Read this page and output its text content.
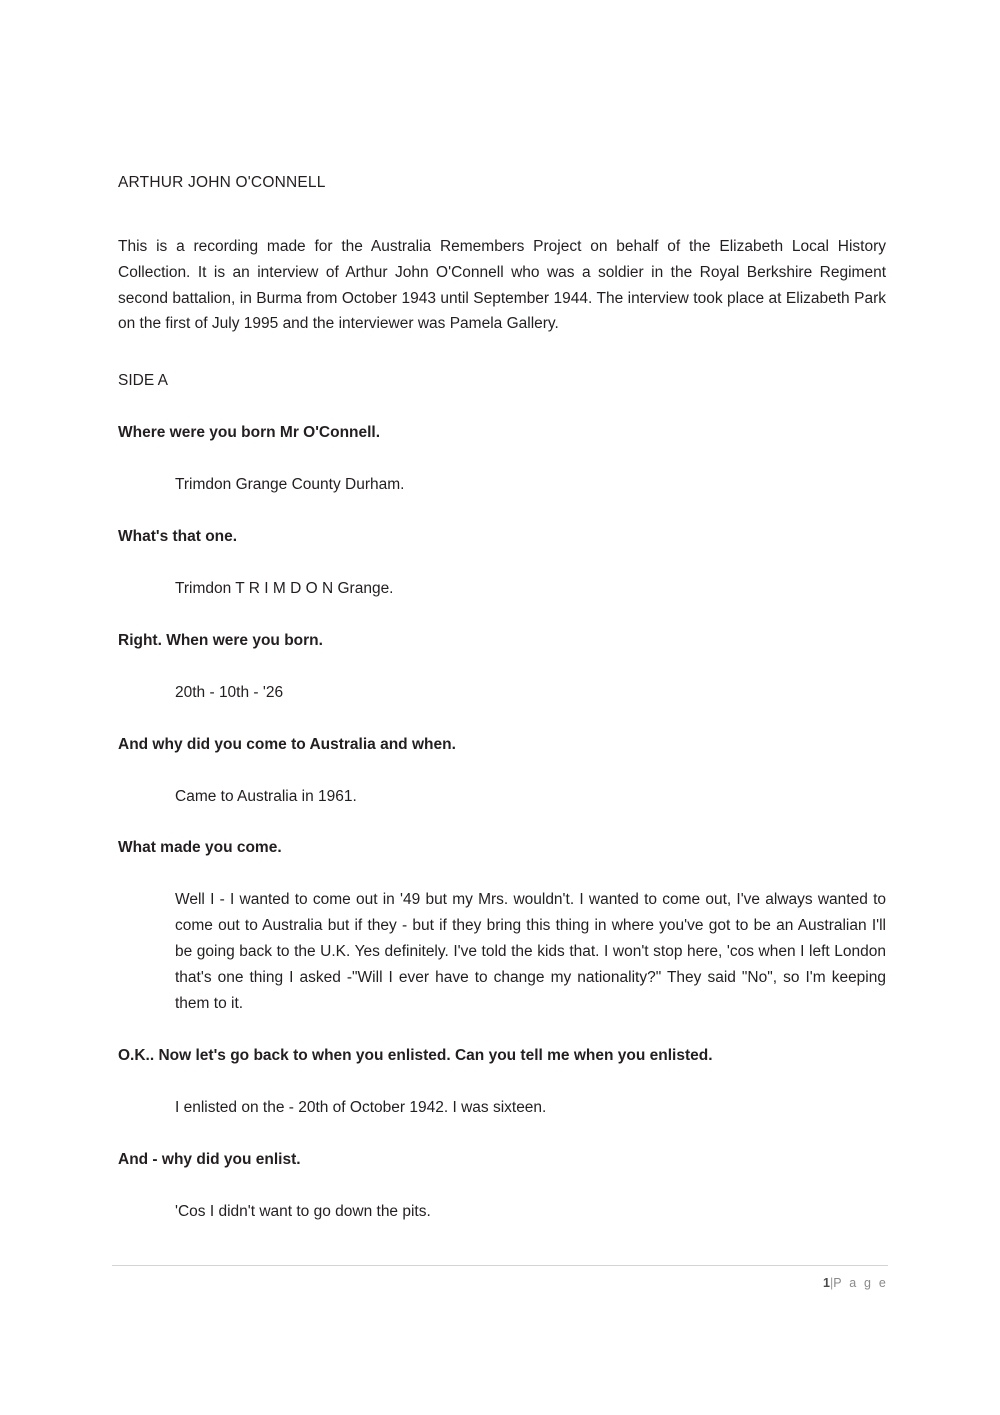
ARTHUR JOHN O'CONNELL

This is a recording made for the Australia Remembers Project on behalf of the Elizabeth Local History Collection. It is an interview of Arthur John O'Connell who was a soldier in the Royal Berkshire Regiment second battalion, in Burma from October 1943 until September 1944. The interview took place at Elizabeth Park on the first of July 1995 and the interviewer was Pamela Gallery.

SIDE A

Where were you born Mr O'Connell.

Trimdon Grange County Durham.

What's that one.

Trimdon T R I M D O N Grange.

Right. When were you born.

20th - 10th - '26

And why did you come to Australia and when.

Came to Australia in 1961.

What made you come.

Well I - I wanted to come out in '49 but my Mrs. wouldn't. I wanted to come out, I've always wanted to come out to Australia but if they - but if they bring this thing in where you've got to be an Australian I'll be going back to the U.K. Yes definitely. I've told the kids that. I won't stop here, 'cos when I left London that's one thing I asked -"Will I ever have to change my nationality?" They said "No", so I'm keeping them to it.

O.K.. Now let's go back to when you enlisted. Can you tell me when you enlisted.

I enlisted on the - 20th of October 1942. I was sixteen.

And - why did you enlist.

'Cos I didn't want to go down the pits.

1|P a g e
